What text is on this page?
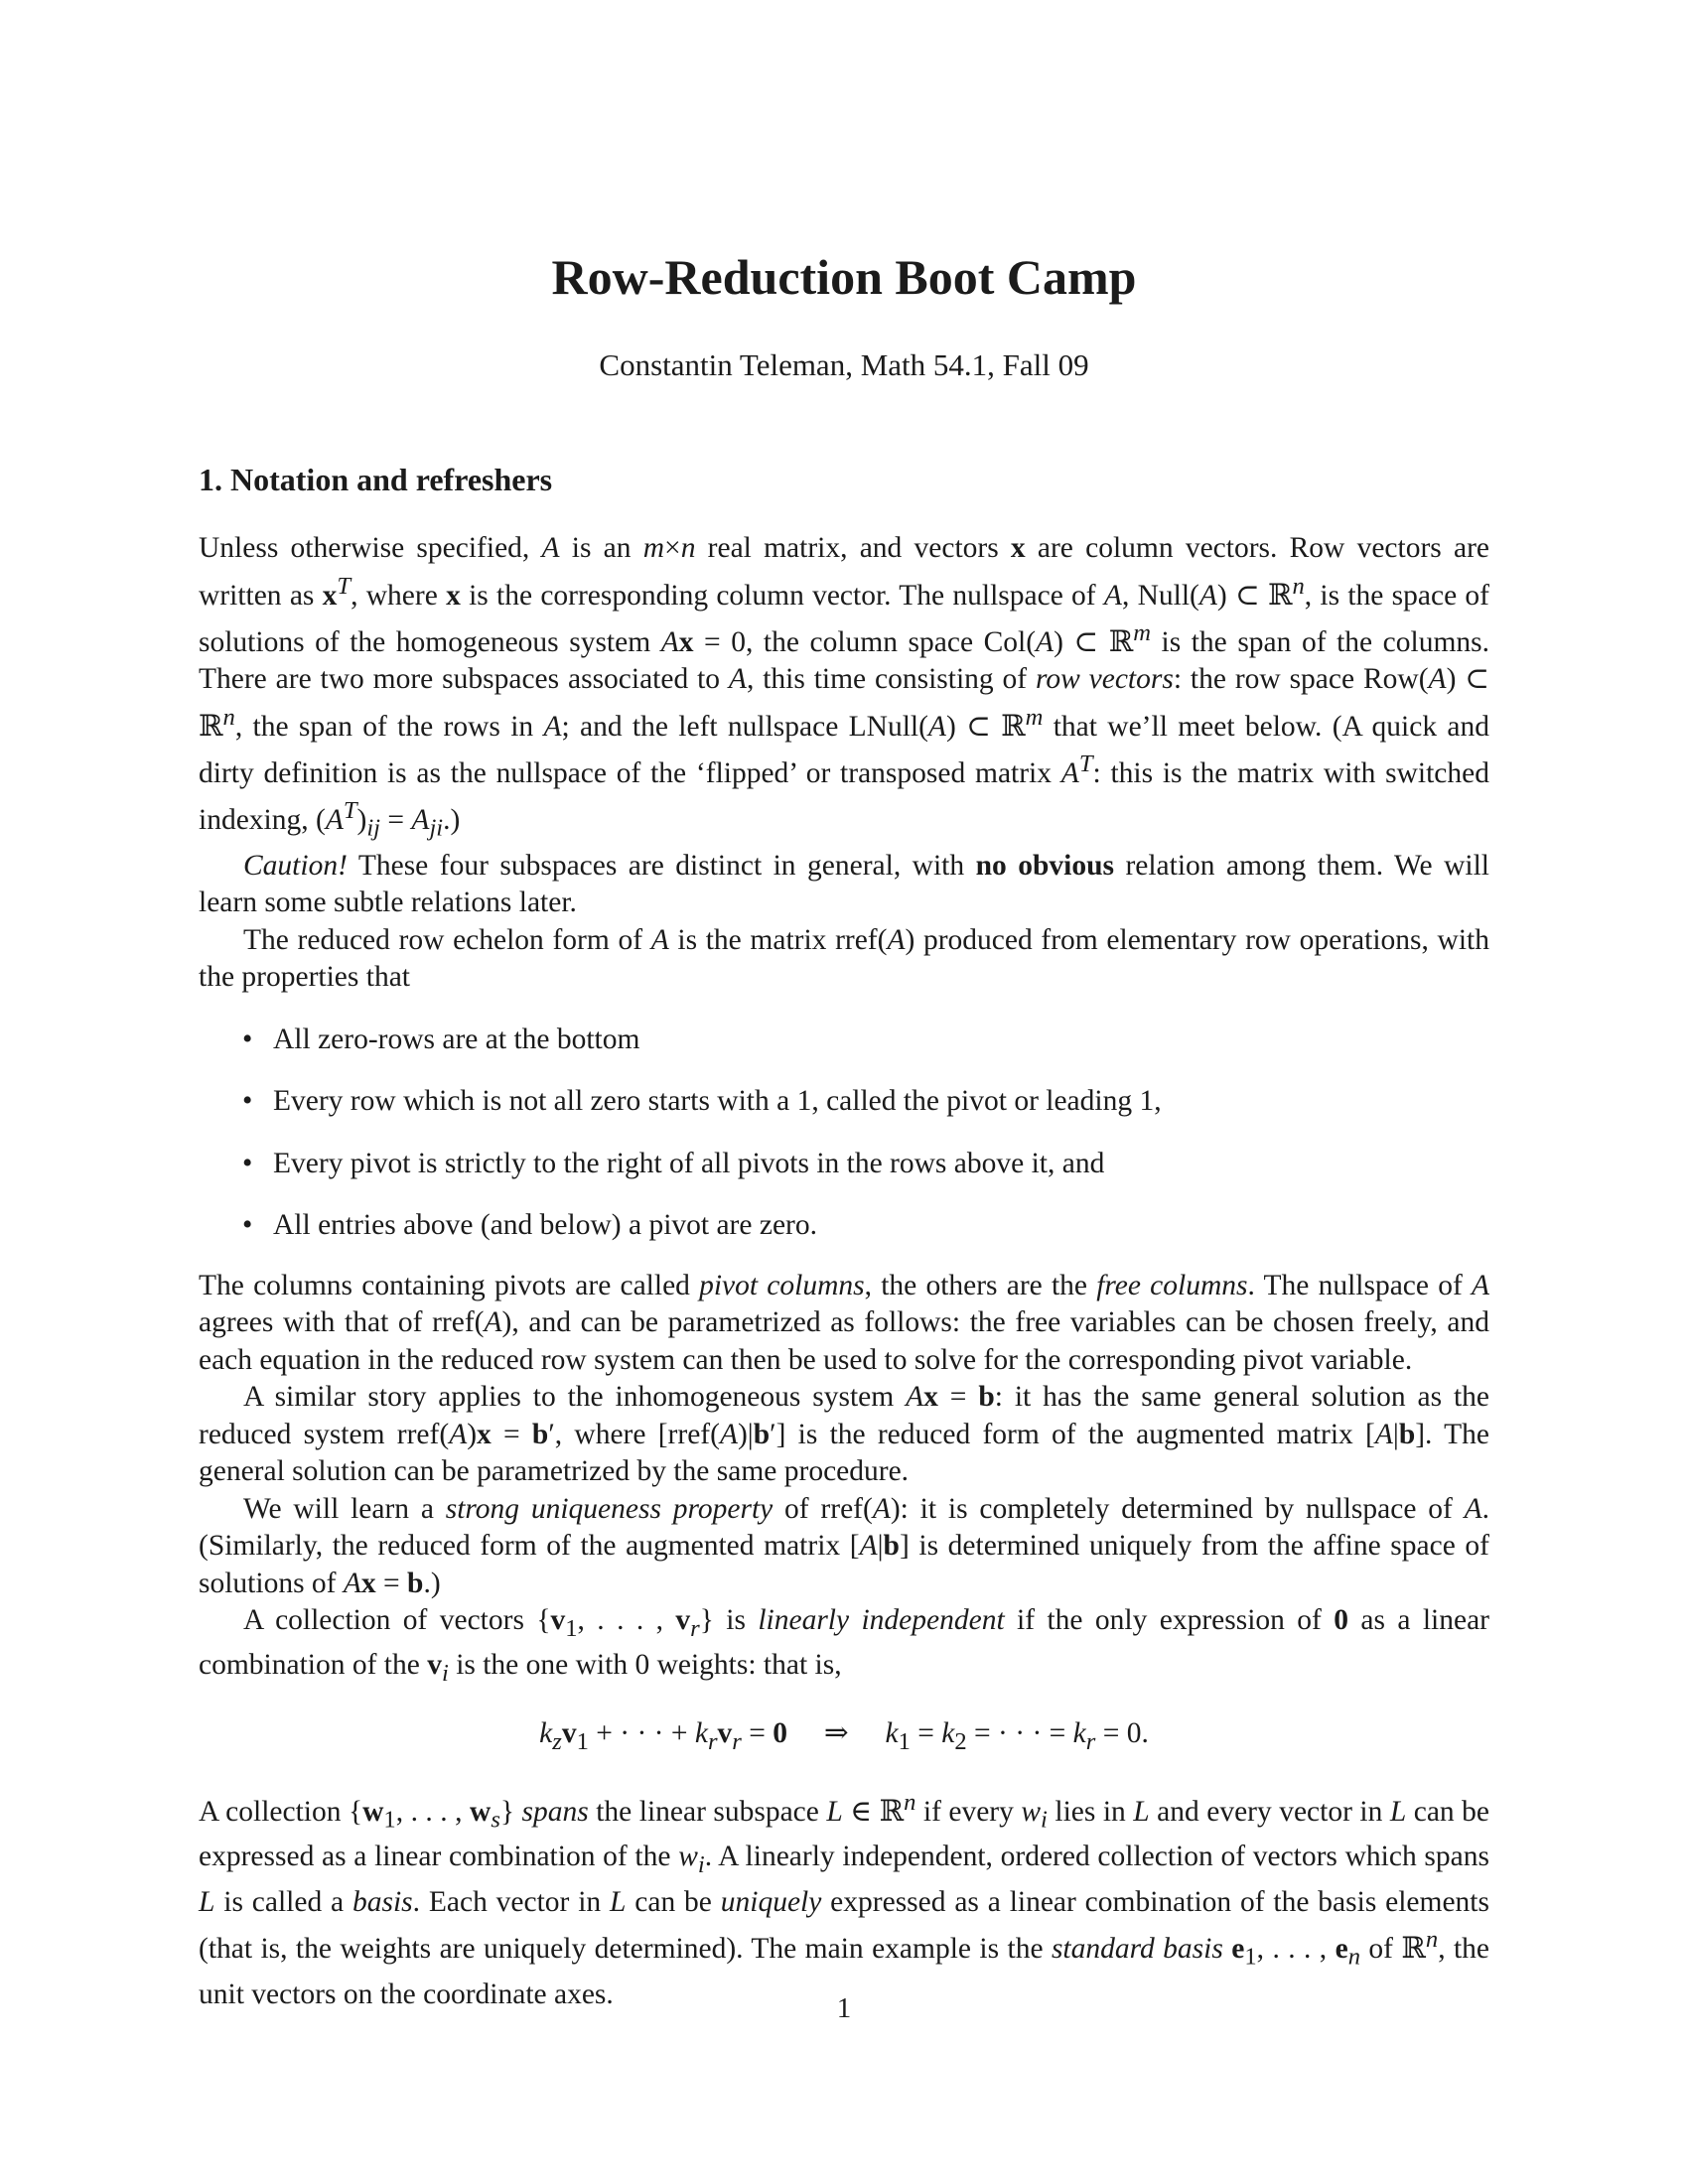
Row-Reduction Boot Camp
Constantin Teleman, Math 54.1, Fall 09
1. Notation and refreshers

Unless otherwise specified, A is an m×n real matrix, and vectors x are column vectors. Row vectors are written as $x^T$, where x is the corresponding column vector. The nullspace of A, Null(A) ⊂ ℝ$^n$, is the space of solutions of the homogeneous system Ax = 0, the column space Col(A) ⊂ ℝ$^m$ is the span of the columns. There are two more subspaces associated to A, this time consisting of row vectors: the row space Row(A) ⊂ ℝ$^n$, the span of the rows in A; and the left nullspace LNull(A) ⊂ ℝ$^m$ that we’ll meet below. (A quick and dirty definition is as the nullspace of the ‘flipped’ or transposed matrix $A^T$: this is the matrix with switched indexing, $(A^T)_{ij} = A_{ji}$.)

Caution! These four subspaces are distinct in general, with no obvious relation among them. We will learn some subtle relations later.

The reduced row echelon form of A is the matrix rref(A) produced from elementary row operations, with the properties that

• All zero-rows are at the bottom
• Every row which is not all zero starts with a 1, called the pivot or leading 1,
• Every pivot is strictly to the right of all pivots in the rows above it, and
• All entries above (and below) a pivot are zero.

The columns containing pivots are called pivot columns, the others are the free columns. The nullspace of A agrees with that of rref(A), and can be parametrized as follows: the free variables can be chosen freely, and each equation in the reduced row system can then be used to solve for the corresponding pivot variable.

A similar story applies to the inhomogeneous system Ax = b: it has the same general solution as the reduced system rref(A)x = b′, where [rref(A)|b′] is the reduced form of the augmented matrix [A|b]. The general solution can be parametrized by the same procedure.

We will learn a strong uniqueness property of rref(A): it is completely determined by nullspace of A. (Similarly, the reduced form of the augmented matrix [A|b] is determined uniquely from the affine space of solutions of Ax = b.)

A collection of vectors {$v_1$, . . . , $v_r$} is linearly independent if the only expression of 0 as a linear combination of the $v_i$ is the one with 0 weights: that is,

$k_zv_1$ + · · · + $k_rv_r = 0$     ⇒     $k_1 = k_2$ = · · · = $k_r = 0$.

A collection {$w_1$, . . . , $w_s$} spans the linear subspace L ∈ ℝ$^n$ if every $w_i$ lies in L and every vector in L can be expressed as a linear combination of the $w_i$. A linearly independent, ordered collection of vectors which spans L is called a basis. Each vector in L can be uniquely expressed as a linear combination of the basis elements (that is, the weights are uniquely determined). The main example is the standard basis $e_1$, . . . , $e_n$ of ℝ$^n$, the unit vectors on the coordinate axes.	1
